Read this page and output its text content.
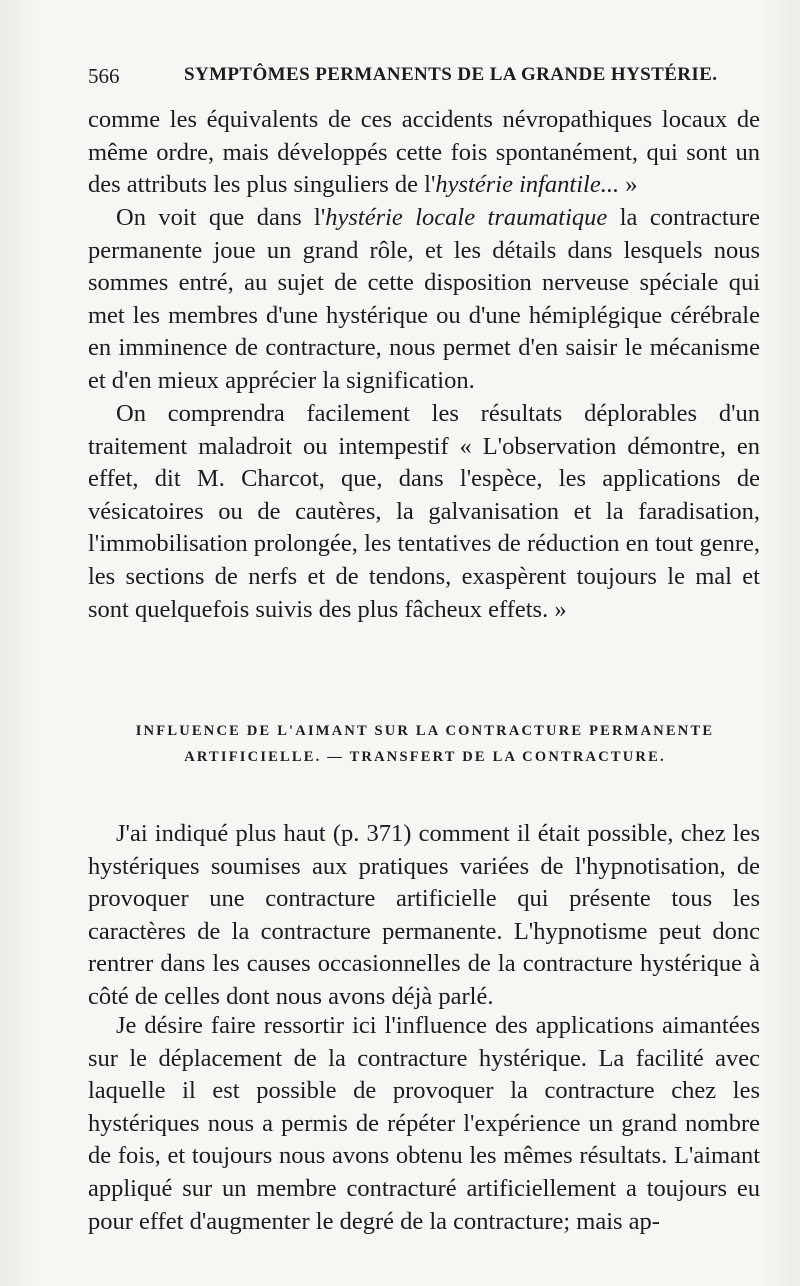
566	SYMPTÔMES PERMANENTS DE LA GRANDE HYSTÉRIE.

comme les équivalents de ces accidents névropathiques locaux de même ordre, mais développés cette fois spontanément, qui sont un des attributs les plus singuliers de l'hystérie infantile... »

On voit que dans l'hystérie locale traumatique la contracture permanente joue un grand rôle, et les détails dans lesquels nous sommes entré, au sujet de cette disposition nerveuse spéciale qui met les membres d'une hystérique ou d'une hémiplégique cérébrale en imminence de contracture, nous permet d'en saisir le mécanisme et d'en mieux apprécier la signification.

On comprendra facilement les résultats déplorables d'un traitement maladroit ou intempestif « L'observation démontre, en effet, dit M. Charcot, que, dans l'espèce, les applications de vésicatoires ou de cautères, la galvanisation et la faradisation, l'immobilisation prolongée, les tentatives de réduction en tout genre, les sections de nerfs et de tendons, exaspèrent toujours le mal et sont quelquefois suivis des plus fâcheux effets. »

INFLUENCE DE L'AIMANT SUR LA CONTRACTURE PERMANENTE
ARTIFICIELLE. — TRANSFERT DE LA CONTRACTURE.

J'ai indiqué plus haut (p. 371) comment il était possible, chez les hystériques soumises aux pratiques variées de l'hypnotisation, de provoquer une contracture artificielle qui présente tous les caractères de la contracture permanente. L'hypnotisme peut donc rentrer dans les causes occasionnelles de la contracture hystérique à côté de celles dont nous avons déjà parlé.

Je désire faire ressortir ici l'influence des applications aimantées sur le déplacement de la contracture hystérique. La facilité avec laquelle il est possible de provoquer la contracture chez les hystériques nous a permis de répéter l'expérience un grand nombre de fois, et toujours nous avons obtenu les mêmes résultats. L'aimant appliqué sur un membre contracturé artificiellement a toujours eu pour effet d'augmenter le degré de la contracture; mais ap-
